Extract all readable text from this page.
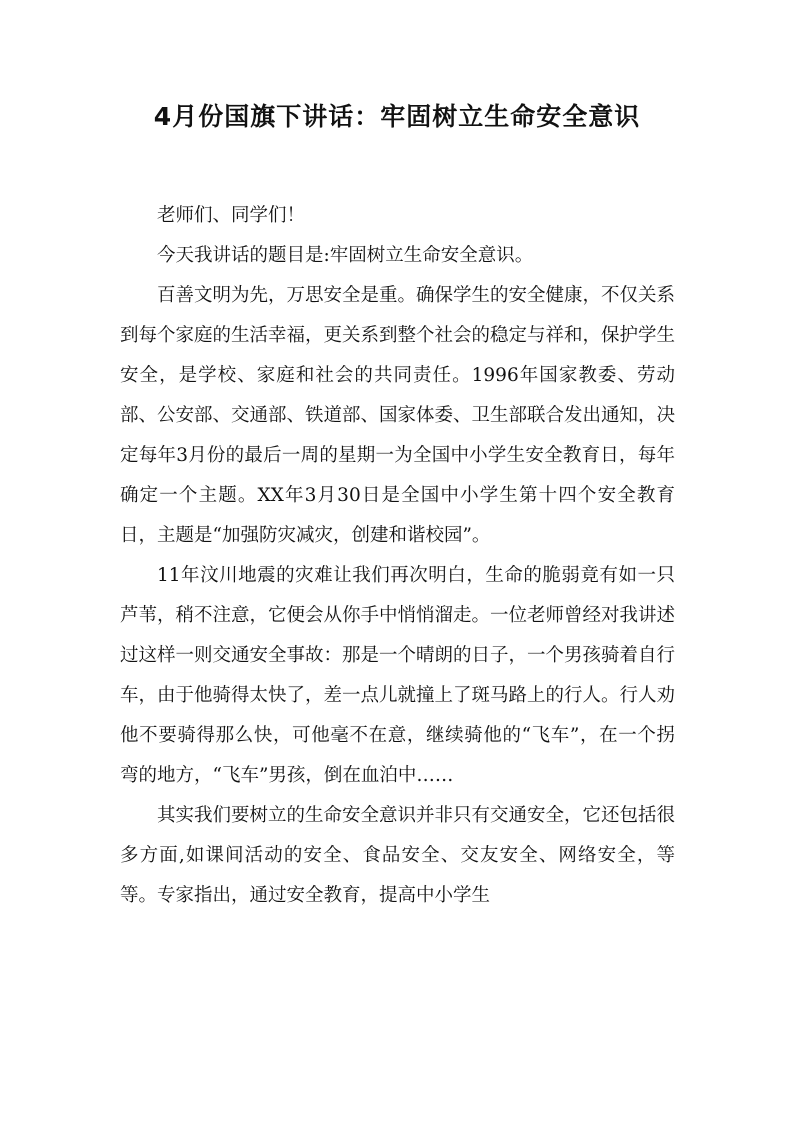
4月份国旗下讲话：牢固树立生命安全意识

老师们、同学们！

今天我讲话的题目是:牢固树立生命安全意识。

百善文明为先，万思安全是重。确保学生的安全健康，不仅关系到每个家庭的生活幸福，更关系到整个社会的稳定与祥和，保护学生安全，是学校、家庭和社会的共同责任。1996年国家教委、劳动部、公安部、交通部、铁道部、国家体委、卫生部联合发出通知，决定每年3月份的最后一周的星期一为全国中小学生安全教育日，每年确定一个主题。XX年3月30日是全国中小学生第十四个安全教育日，主题是“加强防灾减灾，创建和谐校园”。

11年汶川地震的灾难让我们再次明白，生命的脆弱竟有如一只芦苇，稍不注意，它便会从你手中悄悄溜走。一位老师曾经对我讲述过这样一则交通安全事故：那是一个晴朗的日子，一个男孩骑着自行车，由于他骑得太快了，差一点儿就撞上了斑马路上的行人。行人劝他不要骑得那么快，可他毫不在意，继续骑他的“飞车”，在一个拐弯的地方，“飞车”男孩，倒在血泊中……

其实我们要树立的生命安全意识并非只有交通安全，它还包括很多方面,如课间活动的安全、食品安全、交友安全、网络安全，等等。专家指出，通过安全教育，提高中小学生
